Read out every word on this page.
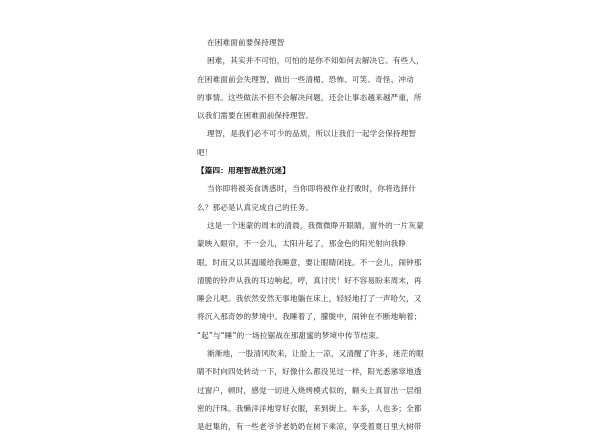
在困难面前要保持理智

困难，其实并不可怕，可怕的是你不知如何去解决它。有些人，
在困难面前会失理智，做出一些清楣、恐怖、可笑、奇怪、冲动
的事情。这些做法不但不会解决问题，还会让事态越来越严重，所
以我们需要在困难面前保持理智。

理智，是我们必不可少的品质，所以让我们一起学会保持理智
吧！

【篇四：用理智战胜沉迷】

当你即将被美食诱惑时，当你即将被作业打败时，你将选择什
么？那必是认真完成自己的任务。

这是一个迷蒙的周末的清晨，我微微睁开眼睛，窗外的一片灰蒙
蒙映入眼帘，不一会儿，太阳升起了，那金色的阳光射向我睁
眼，时而又以其温暖给我睡意，要让眼睛闭拢。不一会儿，闹钟那
清脆的铃声从我的耳边响起，哼，真讨厌！好不容易盼来周末，再
睡会儿吧。我依然安然无事地躺在床上，轻轻地打了一声哈欠，又
将沉入那奇妙的梦境中。我睡着了，朦胧中，闹钟在不断地响着；
“起”与“睡”的一场拉锯战在那甜蜜的梦境中传节结束。

渐渐地，一股清风吹来，让脸上一凉，又清醒了许多，迷茫的眼
睛不时向四处转动一下，好像什么都没见过一样，阳光悉窸窣地透
过窗户，顿时，感觉一切进入烧烤模式似的，额头上真冒出一层细
密的汗珠。我懒洋洋地穿好衣服，来到街上。车多，人也多；全都
是赶集的，有一些老爷爷老奶奶在树下乘凉，享受着夏日里大树带
